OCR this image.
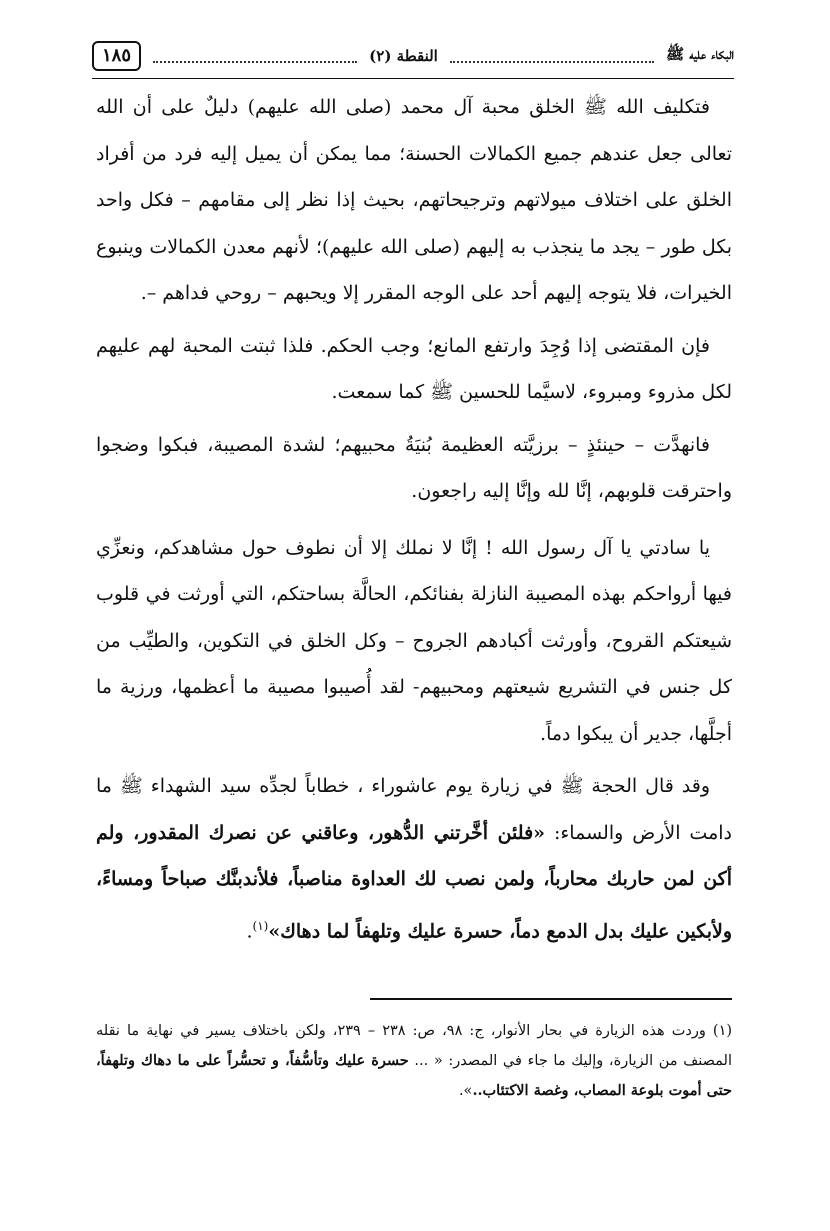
البكاء عليه ﷺ
النقطة (٢)
١٨٥

فتكليف الله ﷺ الخلق محبة آل محمد (صلى الله عليهم) دليلٌ على أن الله تعالى جعل عندهم جميع الكمالات الحسنة؛ مما يمكن أن يميل إليه فرد من أفراد الخلق على اختلاف ميولاتهم وترجيحاتهم، بحيث إذا نظر إلى مقامهم – فكل واحد بكل طور – يجد ما ينجذب به إليهم (صلى الله عليهم)؛ لأنهم معدن الكمالات وينبوع الخيرات، فلا يتوجه إليهم أحد على الوجه المقرر إلا ويحبهم – روحي فداهم –.

فإن المقتضى إذا وُجِدَ وارتفع المانع؛ وجب الحكم. فلذا ثبتت المحبة لهم عليهم لكل مذروء ومبروء، لاسيَّما للحسين ﷺ كما سمعت.

فانهدَّت – حينئذٍ – برزيَّته العظيمة بُنيَةُ محبيهم؛ لشدة المصيبة، فبكوا وضجوا واحترقت قلوبهم، إنَّا لله وإنَّا إليه راجعون.

يا سادتي يا آل رسول الله ! إنَّا لا نملك إلا أن نطوف حول مشاهدكم، ونعزِّي فيها أرواحكم بهذه المصيبة النازلة بفنائكم، الحالَّة بساحتكم، التي أورثت في قلوب شيعتكم القروح، وأورثت أكبادهم الجروح – وكل الخلق في التكوين، والطيِّب من كل جنس في التشريع شيعتهم ومحبيهم- لقد أُصيبوا مصيبة ما أعظمها، ورزية ما أجلَّها، جدير أن يبكوا دماً.

وقد قال الحجة ﷺ في زيارة يوم عاشوراء ، خطاباً لجدِّه سيد الشهداء ﷺ ما دامت الأرض والسماء: «فلئن أخَّرتني الدُّهور، وعاقني عن نصرك المقدور، ولم أكن لمن حاربك محارباً، ولمن نصب لك العداوة مناصباً، فلأندبنَّك صباحاً ومساءً، ولأبكين عليك بدل الدمع دماً، حسرة عليك وتلهفاً لما دهاك»$^{(١)}$.

(١) وردت هذه الزيارة في بحار الأنوار، ج: ٩٨، ص: ٢٣٨ – ٢٣٩، ولكن باختلاف يسير في نهاية ما نقله المصنف من الزيارة، وإليك ما جاء في المصدر: « ... حسرة عليك وتأسُّفاً، و تحسُّراً على ما دهاك وتلهفاً، حتى أموت بلوعة المصاب، وغصة الاكتئاب..».
